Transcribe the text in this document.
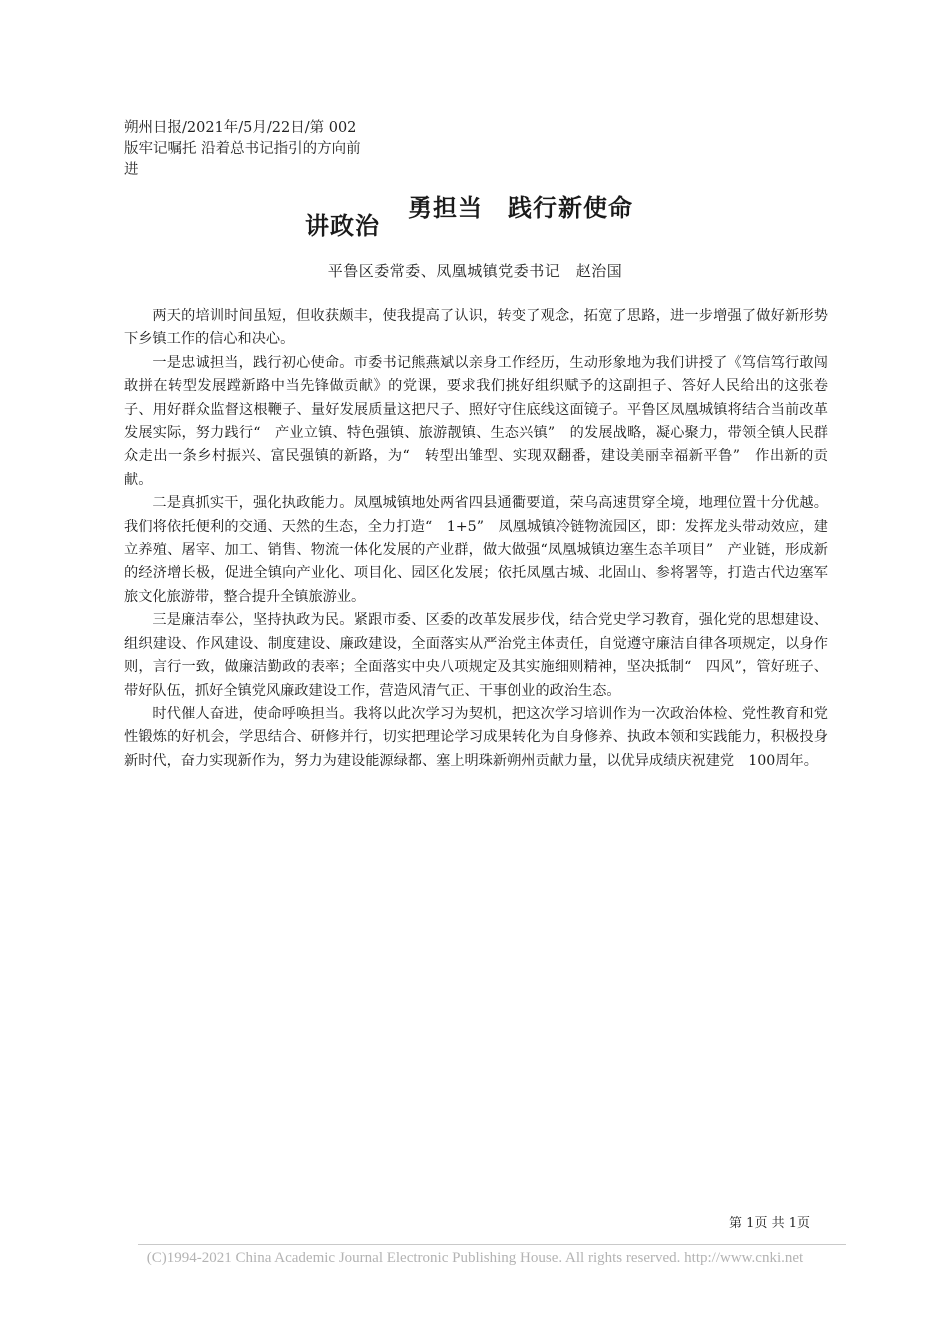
朔州日报/2021年/5月/22日/第 002
版牢记嘱托 沿着总书记指引的方向前
进
勇担当　践行新使命
讲政治
平鲁区委常委、凤凰城镇党委书记　赵治国

两天的培训时间虽短，但收获颇丰，使我提高了认识，转变了观念，拓宽了思路，进一步增强了做好新形势下乡镇工作的信心和决心。

一是忠诚担当，践行初心使命。市委书记熊燕斌以亲身工作经历，生动形象地为我们讲授了《笃信笃行敢闯敢拼在转型发展蹚新路中当先锋做贡献》的党课，要求我们挑好组织赋予的这副担子、答好人民给出的这张卷子、用好群众监督这根鞭子、量好发展质量这把尺子、照好守住底线这面镜子。平鲁区凤凰城镇将结合当前改革发展实际，努力践行“　产业立镇、特色强镇、旅游靓镇、生态兴镇”　的发展战略，凝心聚力，带领全镇人民群众走出一条乡村振兴、富民强镇的新路，为“　转型出雏型、实现双翻番，建设美丽幸福新平鲁”　作出新的贡献。

二是真抓实干，强化执政能力。凤凰城镇地处两省四县通衢要道，荣乌高速贯穿全境，地理位置十分优越。我们将依托便利的交通、天然的生态，全力打造“　1+5”　凤凰城镇冷链物流园区，即：发挥龙头带动效应，建立养殖、屠宰、加工、销售、物流一体化发展的产业群，做大做强“凤凰城镇边塞生态羊项目”　产业链，形成新的经济增长极，促进全镇向产业化、项目化、园区化发展；依托凤凰古城、北固山、参将署等，打造古代边塞军旅文化旅游带，整合提升全镇旅游业。

三是廉洁奉公，坚持执政为民。紧跟市委、区委的改革发展步伐，结合党史学习教育，强化党的思想建设、组织建设、作风建设、制度建设、廉政建设，全面落实从严治党主体责任，自觉遵守廉洁自律各项规定，以身作则，言行一致，做廉洁勤政的表率；全面落实中央八项规定及其实施细则精神，坚决抵制“　四风”，管好班子、带好队伍，抓好全镇党风廉政建设工作，营造风清气正、干事创业的政治生态。

时代催人奋进，使命呼唤担当。我将以此次学习为契机，把这次学习培训作为一次政治体检、党性教育和党性锻炼的好机会，学思结合、研修并行，切实把理论学习成果转化为自身修养、执政本领和实践能力，积极投身新时代，奋力实现新作为，努力为建设能源绿都、塞上明珠新朔州贡献力量，以优异成绩庆祝建党　100周年。

第 1页 共 1页
(C)1994-2021 China Academic Journal Electronic Publishing House. All rights reserved. http://www.cnki.net
